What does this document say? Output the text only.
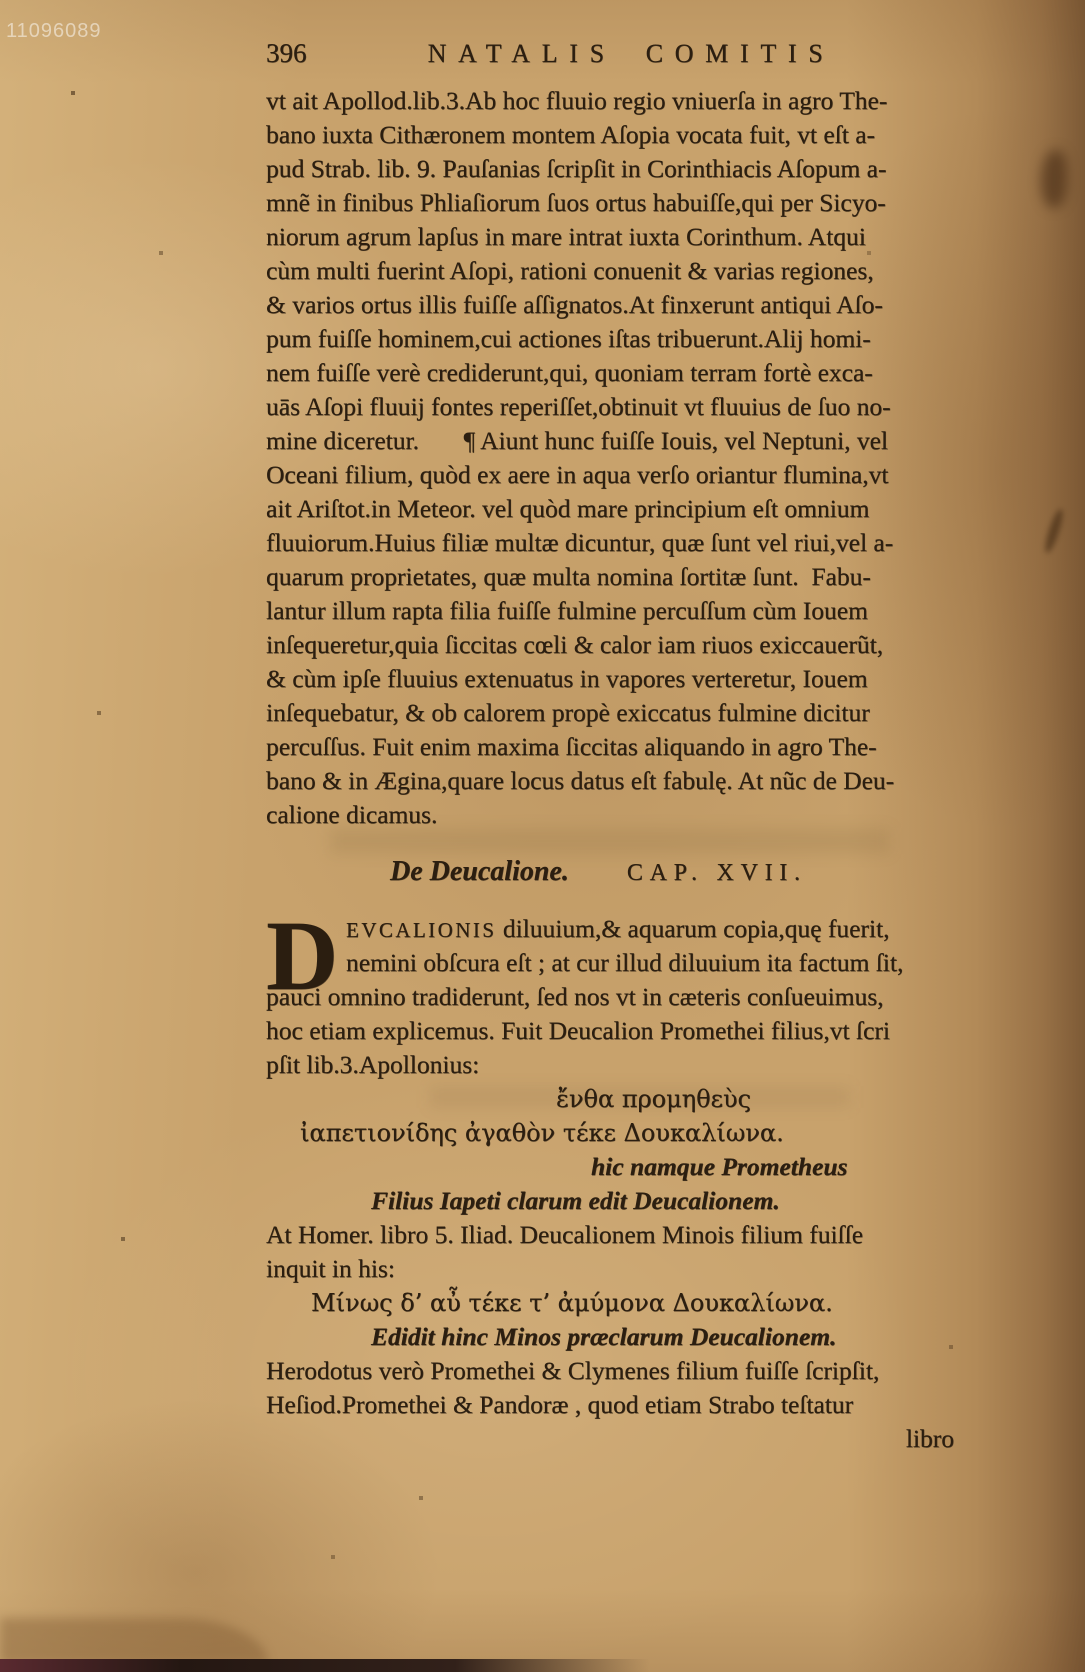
11096089
396	NATALIS COMITIS
vt ait Apollod.lib.3.Ab hoc fluuio regio vniuerſa in agro The-
bano iuxta Cithæronem montem Aſopia vocata fuit, vt eſt a-
pud Strab. lib. 9. Pauſanias ſcripſit in Corinthiacis Aſopum a-
mnẽ in finibus Phliaſiorum ſuos ortus habuiſſe,qui per Sicyo-
niorum agrum lapſus in mare intrat iuxta Corinthum. Atqui
cùm multi fuerint Aſopi, rationi conuenit & varias regiones,
& varios ortus illis fuiſſe aſſignatos.At finxerunt antiqui Aſo-
pum fuiſſe hominem,cui actiones iſtas tribuerunt.Alij homi-
nem fuiſſe verè crediderunt,qui, quoniam terram fortè exca-
uās Aſopi fluuij fontes reperiſſet,obtinuit vt fluuius de ſuo no-
mine diceretur.       ¶ Aiunt hunc fuiſſe Iouis, vel Neptuni, vel
Oceani filium, quòd ex aere in aqua verſo oriantur flumina,vt
ait Ariſtot.in Meteor. vel quòd mare principium eſt omnium
fluuiorum.Huius filiæ multæ dicuntur, quæ ſunt vel riui,vel a-
quarum proprietates, quæ multa nomina ſortitæ ſunt.  Fabu-
lantur illum rapta filia fuiſſe fulmine percuſſum cùm Iouem
inſequeretur,quia ſiccitas cœli & calor iam riuos exiccauerũt,
& cùm ipſe fluuius extenuatus in vapores verteretur, Iouem
inſequebatur, & ob calorem propè exiccatus fulmine dicitur
percuſſus. Fuit enim maxima ſiccitas aliquando in agro The-
bano & in Ægina,quare locus datus eſt fabulę. At nũc de Deu-
calione dicamus.
De Deucalione. CAP. XVII.
D EVCALIONIS diluuium,& aquarum copia,quę fuerit,
nemini obſcura eſt ; at cur illud diluuium ita factum ſit,
pauci omnino tradiderunt, ſed nos vt in cæteris conſueuimus,
hoc etiam explicemus. Fuit Deucalion Promethei filius,vt ſcri
pſit lib.3.Apollonius:
ἔνθα προμηθεὺς
ἰαπετιονίδης ἀγαθὸν τέκε Δουκαλίωνα.
hic namque Prometheus
Filius Iapeti clarum edit Deucalionem.
At Homer. libro 5. Iliad. Deucalionem Minois filium fuiſſe
inquit in his:
Μίνως δ’ αὖ τέκε τ’ ἀμύμονα Δουκαλίωνα.
Edidit hinc Minos præclarum Deucalionem.
Herodotus verò Promethei & Clymenes filium fuiſſe ſcripſit,
Heſiod.Promethei & Pandoræ , quod etiam Strabo teſtatur
libro
